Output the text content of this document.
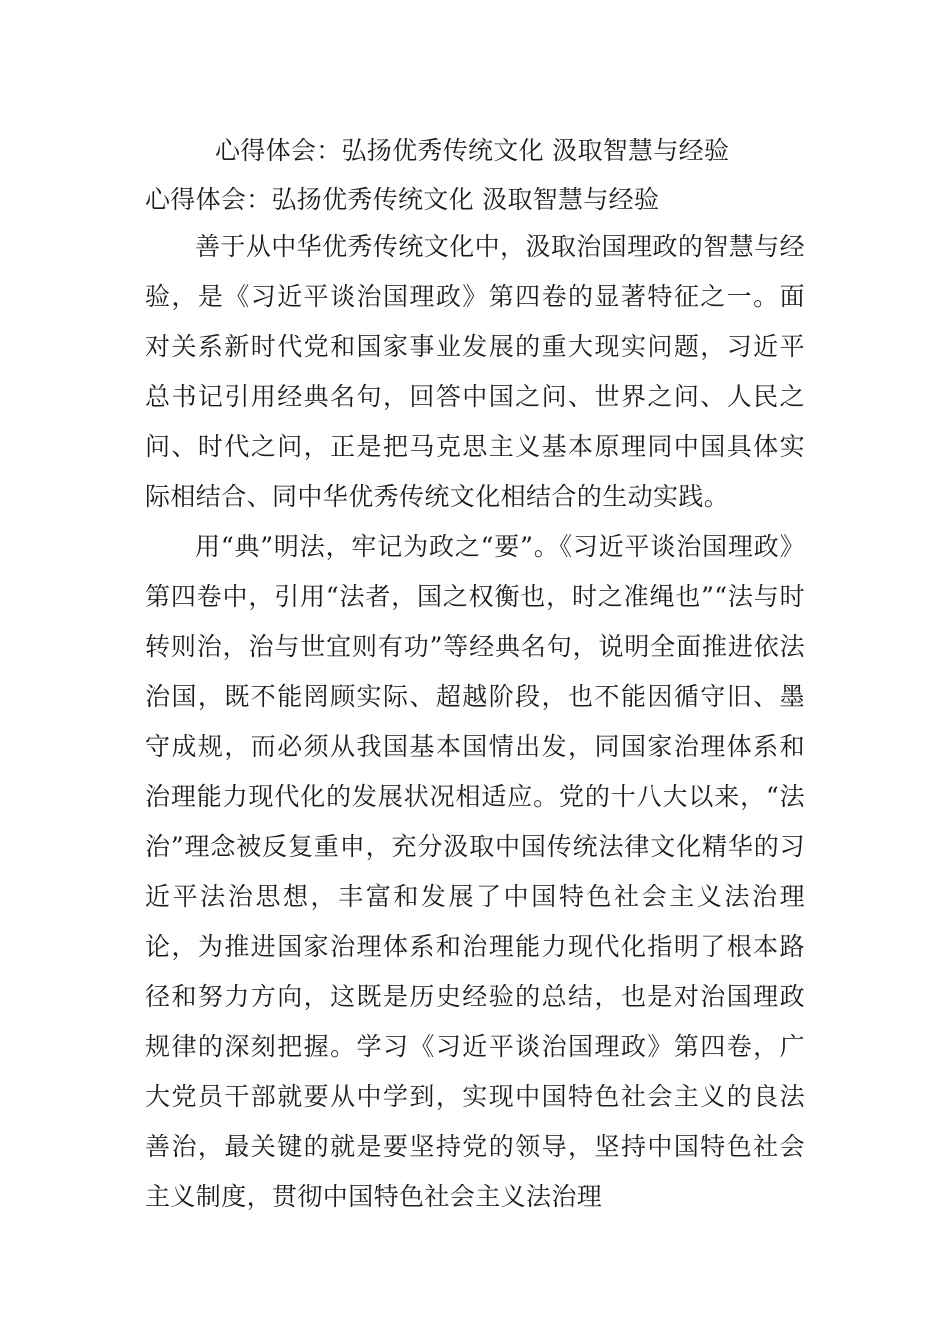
心得体会：弘扬优秀传统文化 汲取智慧与经验
心得体会：弘扬优秀传统文化 汲取智慧与经验

善于从中华优秀传统文化中，汲取治国理政的智慧与经验，是《习近平谈治国理政》第四卷的显著特征之一。面对关系新时代党和国家事业发展的重大现实问题，习近平总书记引用经典名句，回答中国之问、世界之问、人民之问、时代之问，正是把马克思主义基本原理同中国具体实际相结合、同中华优秀传统文化相结合的生动实践。

用“典”明法，牢记为政之“要”。《习近平谈治国理政》第四卷中，引用“法者，国之权衡也，时之准绳也”“法与时转则治，治与世宜则有功”等经典名句，说明全面推进依法治国，既不能罔顾实际、超越阶段，也不能因循守旧、墨守成规，而必须从我国基本国情出发，同国家治理体系和治理能力现代化的发展状况相适应。党的十八大以来，“法治”理念被反复重申，充分汲取中国传统法律文化精华的习近平法治思想，丰富和发展了中国特色社会主义法治理论，为推进国家治理体系和治理能力现代化指明了根本路径和努力方向，这既是历史经验的总结，也是对治国理政规律的深刻把握。学习《习近平谈治国理政》第四卷，广大党员干部就要从中学到，实现中国特色社会主义的良法善治，最关键的就是要坚持党的领导，坚持中国特色社会主义制度，贯彻中国特色社会主义法治理
